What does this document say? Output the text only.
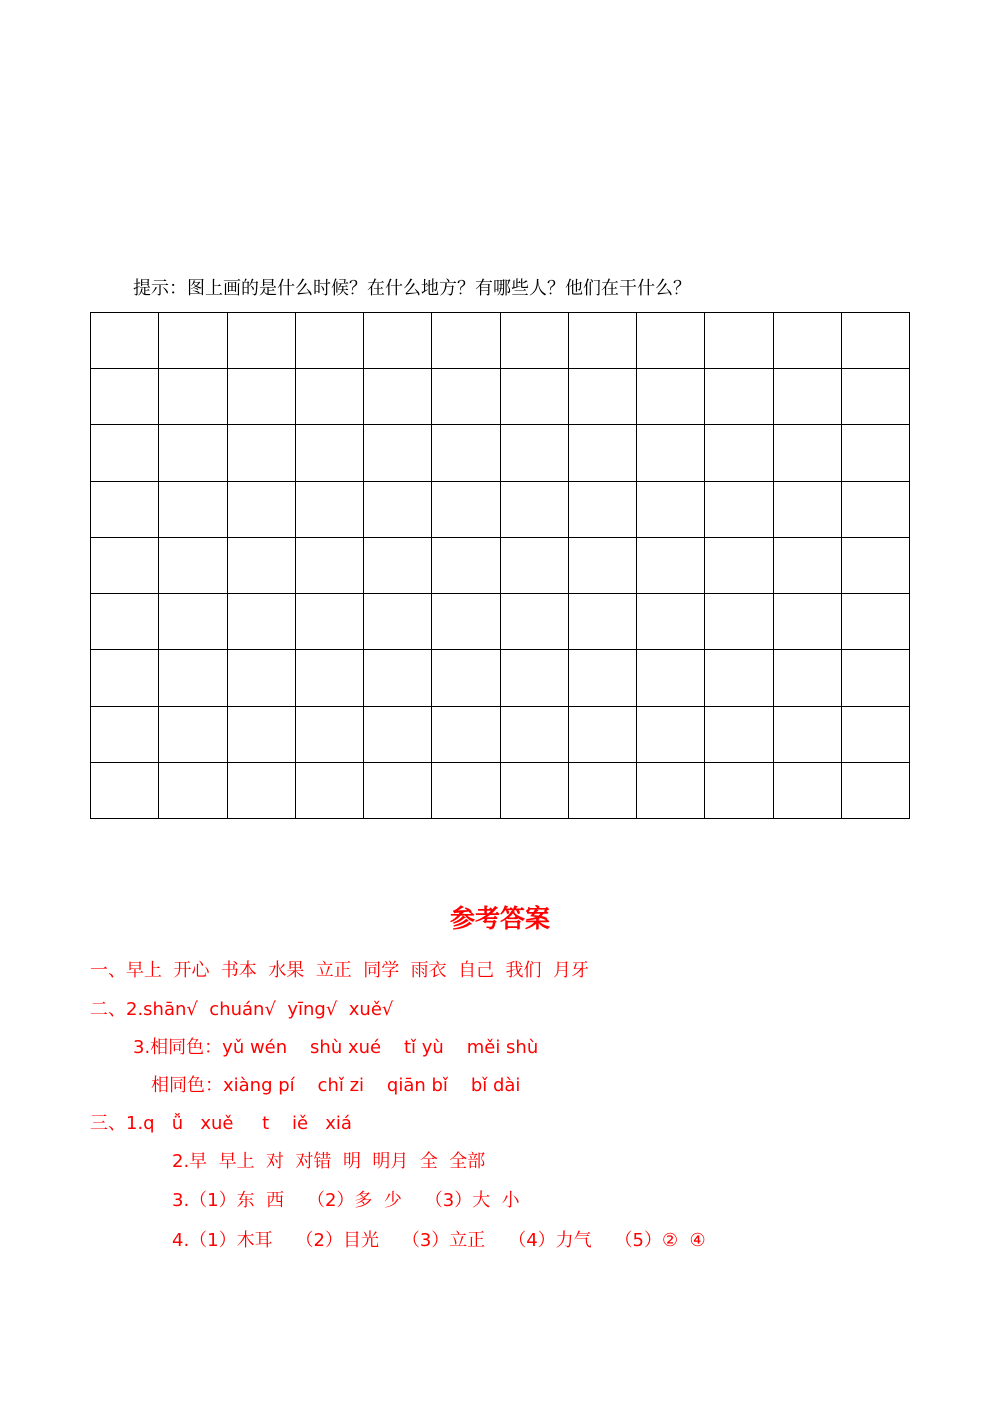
提示：图上画的是什么时候？在什么地方？有哪些人？他们在干什么？
参考答案
一、早上  开心  书本  水果  立正  同学  雨衣  自己  我们  月牙
二、2.shān√  chuán√  yīng√  xuě√
3.相同色：yǔ wén    shù xué    tǐ yù    měi shù
相同色：xiàng pí    chǐ zi    qiān bǐ    bǐ dài
三、1.q   ǚ   xuě     t    iě   xiá
2.早  早上  对  对错  明  明月  全  全部
3.（1）东  西    （2）多  少    （3）大  小
4.（1）木耳    （2）目光    （3）立正    （4）力气    （5）②  ④
